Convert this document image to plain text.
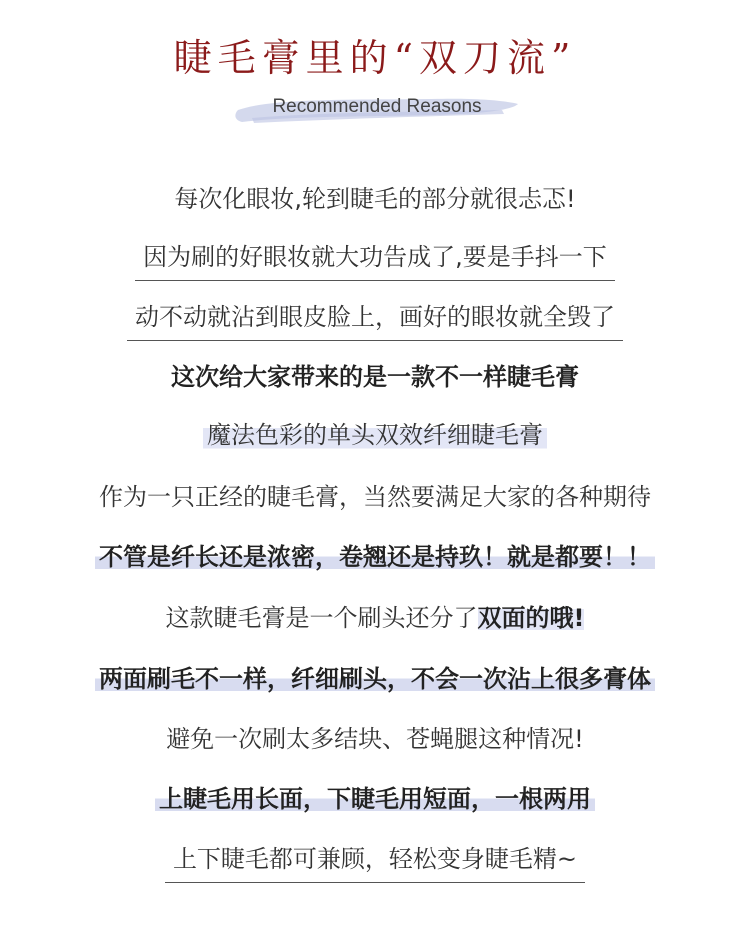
睫毛膏里的“双刀流”
Recommended Reasons
每次化眼妆,轮到睫毛的部分就很忐忑!
因为刷的好眼妆就大功告成了,要是手抖一下
动不动就沾到眼皮脸上，画好的眼妆就全毁了
这次给大家带来的是一款不一样睫毛膏
魔法色彩的单头双效纤细睫毛膏
作为一只正经的睫毛膏，当然要满足大家的各种期待
不管是纤长还是浓密，卷翘还是持玖！就是都要！！
这款睫毛膏是一个刷头还分了双面的哦!
两面刷毛不一样，纤细刷头，不会一次沾上很多膏体
避免一次刷太多结块、苍蝇腿这种情况!
上睫毛用长面，下睫毛用短面，一根两用
上下睫毛都可兼顾，轻松变身睫毛精~
